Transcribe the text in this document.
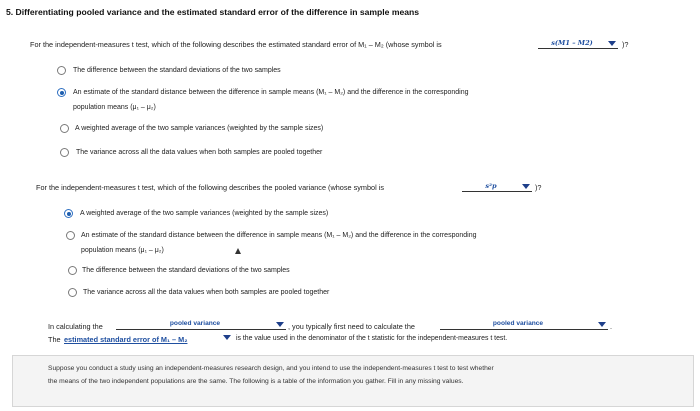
5. Differentiating pooled variance and the estimated standard error of the difference in sample means
For the independent-measures t test, which of the following describes the estimated standard error of M₁ – M₂ (whose symbol is	s(M1 – M2)	)?
The difference between the standard deviations of the two samples
An estimate of the standard distance between the difference in sample means (M₁ – M₂) and the difference in the corresponding
population means (μ₁ – μ₂)
A weighted average of the two sample variances (weighted by the sample sizes)
The variance across all the data values when both samples are pooled together
For the independent-measures t test, which of the following describes the pooled variance (whose symbol is	s²p	)?
A weighted average of the two sample variances (weighted by the sample sizes)
An estimate of the standard distance between the difference in sample means (M₁ – M₂) and the difference in the corresponding
population means (μ₁ – μ₂)
The difference between the standard deviations of the two samples
The variance across all the data values when both samples are pooled together
In calculating the	pooled variance	, you typically first need to calculate the	pooled variance	.
The estimated standard error of M₁ – M₂	is the value used in the denominator of the t statistic for the independent-measures t test.
Suppose you conduct a study using an independent-measures research design, and you intend to use the independent-measures t test to test whether
the means of the two independent populations are the same. The following is a table of the information you gather. Fill in any missing values.
